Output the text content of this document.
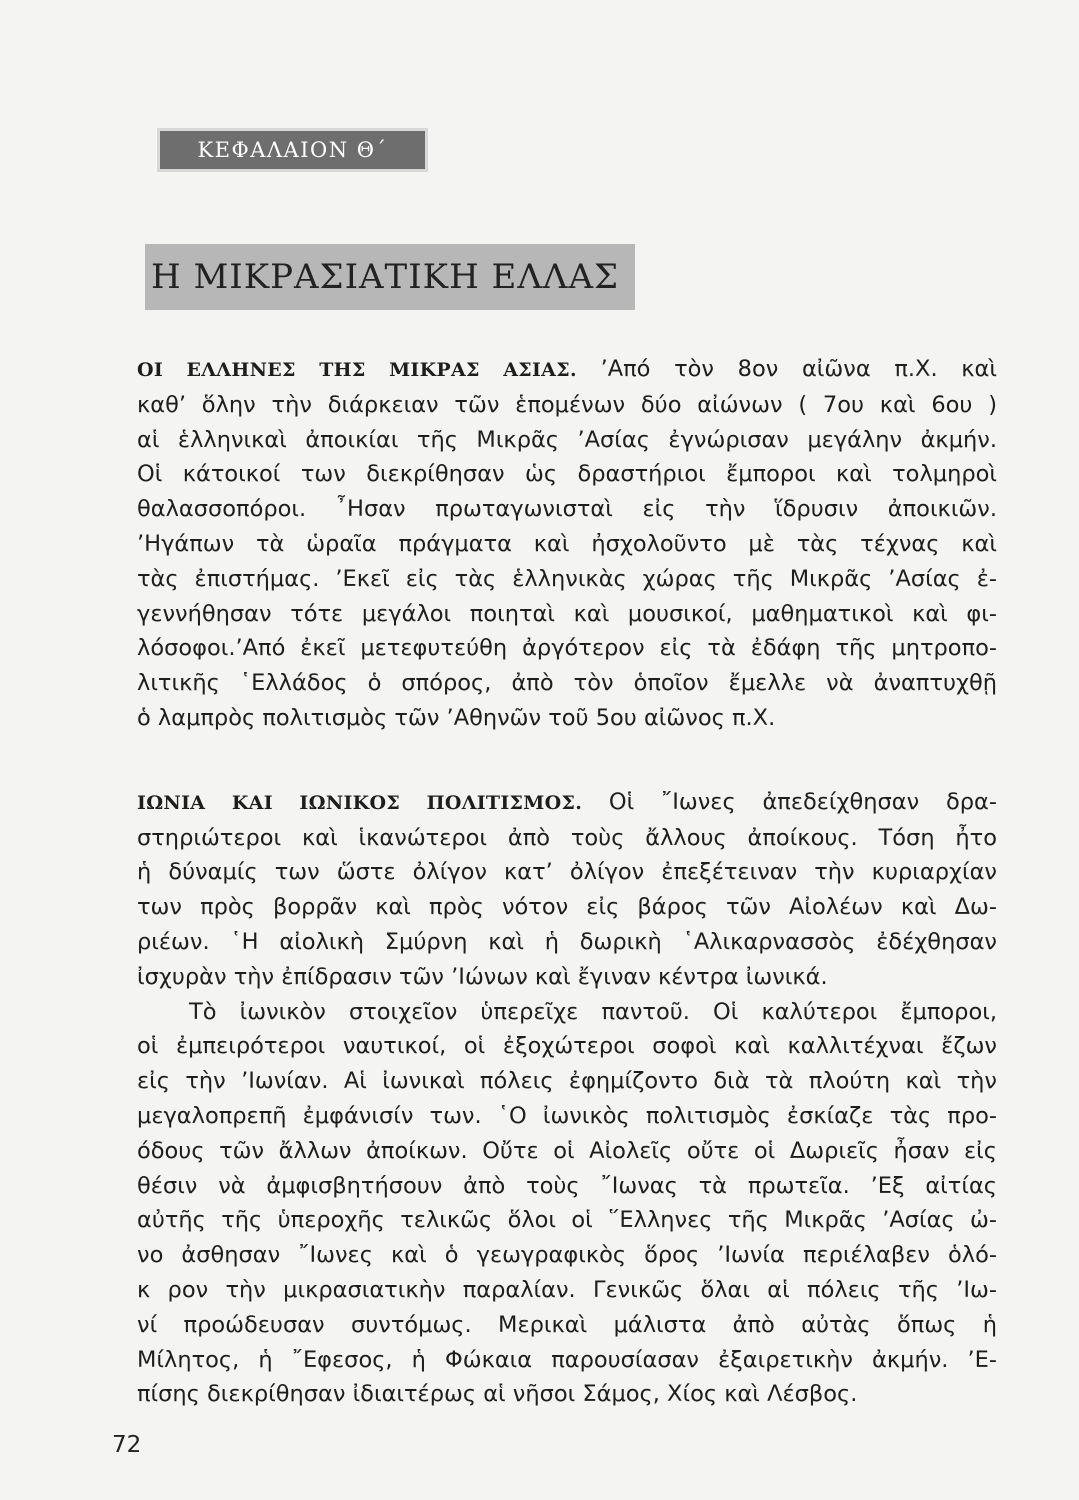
ΚΕΦΑΛΑΙΟΝ Θ΄
Η ΜΙΚΡΑΣΙΑΤΙΚΗ ΕΛΛΑΣ

ΟΙ ΕΛΛΗΝΕΣ ΤΗΣ ΜΙΚΡΑΣ ΑΣΙΑΣ. ’Από τὸν 8ον αἰῶνα π.Χ. καὶ
καθ’ ὅλην τὴν διάρκειαν τῶν ἑπομένων δύο αἰώνων ( 7ου καὶ 6ου )
αἱ ἑλληνικαὶ ἀποικίαι τῆς Μικρᾶς ’Ασίας ἐγνώρισαν μεγάλην ἀκμήν.
Οἱ κάτοικοί των διεκρίθησαν ὡς δραστήριοι ἔμποροι καὶ τολμηροὶ
θαλασσοπόροι. ῏Ησαν πρωταγωνισταὶ εἰς τὴν ἵδρυσιν ἀποικιῶν.
’Ηγάπων τὰ ὡραῖα πράγματα καὶ ἠσχολοῦντο μὲ τὰς τέχνας καὶ
τὰς ἐπιστήμας. ’Εκεῖ εἰς τὰς ἑλληνικὰς χώρας τῆς Μικρᾶς ’Ασίας ἐ-
γεννήθησαν τότε μεγάλοι ποιηταὶ καὶ μουσικοί, μαθηματικοὶ καὶ φι-
λόσοφοι.’Από ἐκεῖ μετεφυτεύθη ἀργότερον εἰς τὰ ἐδάφη τῆς μητροπο-
λιτικῆς ῾Ελλάδος ὁ σπόρος, ἀπὸ τὸν ὁποῖον ἔμελλε νὰ ἀναπτυχθῇ
ὁ λαμπρὸς πολιτισμὸς τῶν ’Αθηνῶν τοῦ 5ου αἰῶνος π.Χ.

ΙΩΝΙΑ ΚΑΙ ΙΩΝΙΚΟΣ ΠΟΛΙΤΙΣΜΟΣ. Οἱ ῎Ιωνες ἀπεδείχθησαν δρα-
στηριώτεροι καὶ ἱκανώτεροι ἀπὸ τοὺς ἄλλους ἀποίκους. Τόση ἦτο
ἡ δύναμίς των ὥστε ὀλίγον κατ’ ὀλίγον ἐπεξέτειναν τὴν κυριαρχίαν
των πρὸς βορρᾶν καὶ πρὸς νότον εἰς βάρος τῶν Αἰολέων καὶ Δω-
ριέων. ῾Η αἰολικὴ Σμύρνη καὶ ἡ δωρικὴ ῾Αλικαρνασσὸς ἐδέχθησαν
ἰσχυρὰν τὴν ἐπίδρασιν τῶν ’Ιώνων καὶ ἔγιναν κέντρα ἰωνικά.

Τὸ ἰωνικὸν στοιχεῖον ὑπερεῖχε παντοῦ. Οἱ καλύτεροι ἔμποροι,
οἱ ἐμπειρότεροι ναυτικοί, οἱ ἐξοχώτεροι σοφοὶ καὶ καλλιτέχναι ἔζων
εἰς τὴν ’Ιωνίαν. Αἱ ἰωνικαὶ πόλεις ἐφημίζοντο διὰ τὰ πλούτη καὶ τὴν
μεγαλοπρεπῆ ἐμφάνισίν των. ῾Ο ἰωνικὸς πολιτισμὸς ἐσκίαζε τὰς προ-
όδους τῶν ἄλλων ἀποίκων. Οὔτε οἱ Αἰολεῖς οὔτε οἱ Δωριεῖς ἦσαν εἰς
θέσιν νὰ ἀμφισβητήσουν ἀπὸ τοὺς ῎Ιωνας τὰ πρωτεῖα. ’Εξ αἰτίας
αὐτῆς τῆς ὑπεροχῆς τελικῶς ὅλοι οἱ ῞Ελληνες τῆς Μικρᾶς ’Ασίας ὠ-
νο ἀσθησαν ῎Ιωνες καὶ ὁ γεωγραφικὸς ὅρος ’Ιωνία περιέλαβεν ὁλό-
κ ρον τὴν μικρασιατικὴν παραλίαν. Γενικῶς ὅλαι αἱ πόλεις τῆς ’Ιω-
νί προώδευσαν συντόμως. Μερικαὶ μάλιστα ἀπὸ αὐτὰς ὅπως ἡ
Μίλητος, ἡ ῎Εφεσος, ἡ Φώκαια παρουσίασαν ἐξαιρετικὴν ἀκμήν. ’Ε-
πίσης διεκρίθησαν ἰδιαιτέρως αἱ νῆσοι Σάμος, Χίος καὶ Λέσβος.

72
